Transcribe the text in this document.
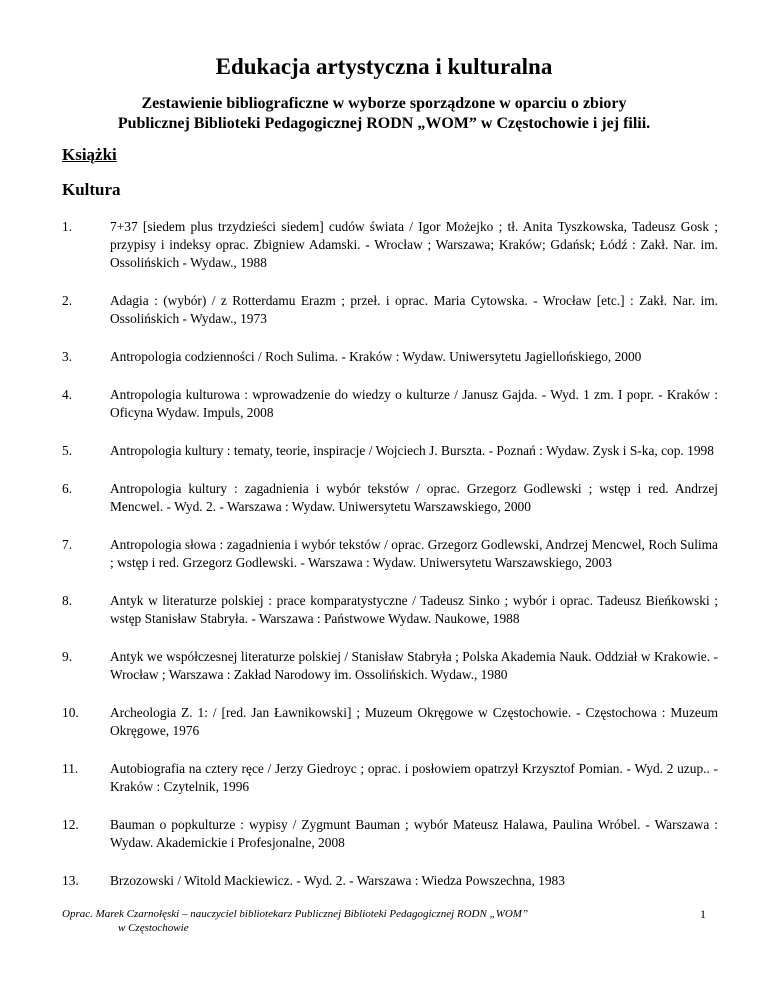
Edukacja artystyczna i kulturalna
Zestawienie bibliograficzne w wyborze sporządzone w oparciu o zbiory
Publicznej Biblioteki Pedagogicznej RODN „WOM” w Częstochowie i jej filii.
Książki
Kultura
1.	7+37 [siedem plus trzydzieści siedem] cudów świata / Igor Możejko ; tł. Anita Tyszkowska, Tadeusz Gosk ; przypisy i indeksy oprac. Zbigniew Adamski. - Wrocław ; Warszawa; Kraków; Gdańsk; Łódź : Zakł. Nar. im. Ossolińskich - Wydaw., 1988
2.	Adagia : (wybór) / z Rotterdamu Erazm ; przeł. i oprac. Maria Cytowska. - Wrocław [etc.] : Zakł. Nar. im. Ossolińskich - Wydaw., 1973
3.	Antropologia codzienności / Roch Sulima. - Kraków : Wydaw. Uniwersytetu Jagiellońskiego, 2000
4.	Antropologia kulturowa : wprowadzenie do wiedzy o kulturze / Janusz Gajda. - Wyd. 1 zm. I popr. - Kraków : Oficyna Wydaw. Impuls, 2008
5.	Antropologia kultury : tematy, teorie, inspiracje / Wojciech J. Burszta. - Poznań : Wydaw. Zysk i S-ka, cop. 1998
6.	Antropologia kultury : zagadnienia i wybór tekstów / oprac. Grzegorz Godlewski ; wstęp i red. Andrzej Mencwel. - Wyd. 2. - Warszawa : Wydaw. Uniwersytetu Warszawskiego, 2000
7.	Antropologia słowa : zagadnienia i wybór tekstów / oprac. Grzegorz Godlewski, Andrzej Mencwel, Roch Sulima ; wstęp i red. Grzegorz Godlewski. - Warszawa : Wydaw. Uniwersytetu Warszawskiego, 2003
8.	Antyk w literaturze polskiej : prace komparatystyczne / Tadeusz Sinko ; wybór i oprac. Tadeusz Bieńkowski ; wstęp Stanisław Stabryła. - Warszawa : Państwowe Wydaw. Naukowe, 1988
9.	Antyk we współczesnej literaturze polskiej / Stanisław Stabryła ; Polska Akademia Nauk. Oddział w Krakowie. - Wrocław ; Warszawa : Zakład Narodowy im. Ossolińskich. Wydaw., 1980
10.	Archeologia Z. 1: / [red. Jan Ławnikowski] ; Muzeum Okręgowe w Częstochowie. - Częstochowa : Muzeum Okręgowe, 1976
11.	Autobiografia na cztery ręce / Jerzy Giedroyc ; oprac. i posłowiem opatrzył Krzysztof Pomian. - Wyd. 2 uzup.. - Kraków : Czytelnik, 1996
12.	Bauman o popkulturze : wypisy / Zygmunt Bauman ; wybór Mateusz Halawa, Paulina Wróbel. - Warszawa : Wydaw. Akademickie i Profesjonalne, 2008
13.	Brzozowski / Witold Mackiewicz. - Wyd. 2. - Warszawa : Wiedza Powszechna, 1983
Oprac. Marek Czarnołęski – nauczyciel bibliotekarz Publicznej Biblioteki Pedagogicznej RODN „WOM”
w Częstochowie
1
